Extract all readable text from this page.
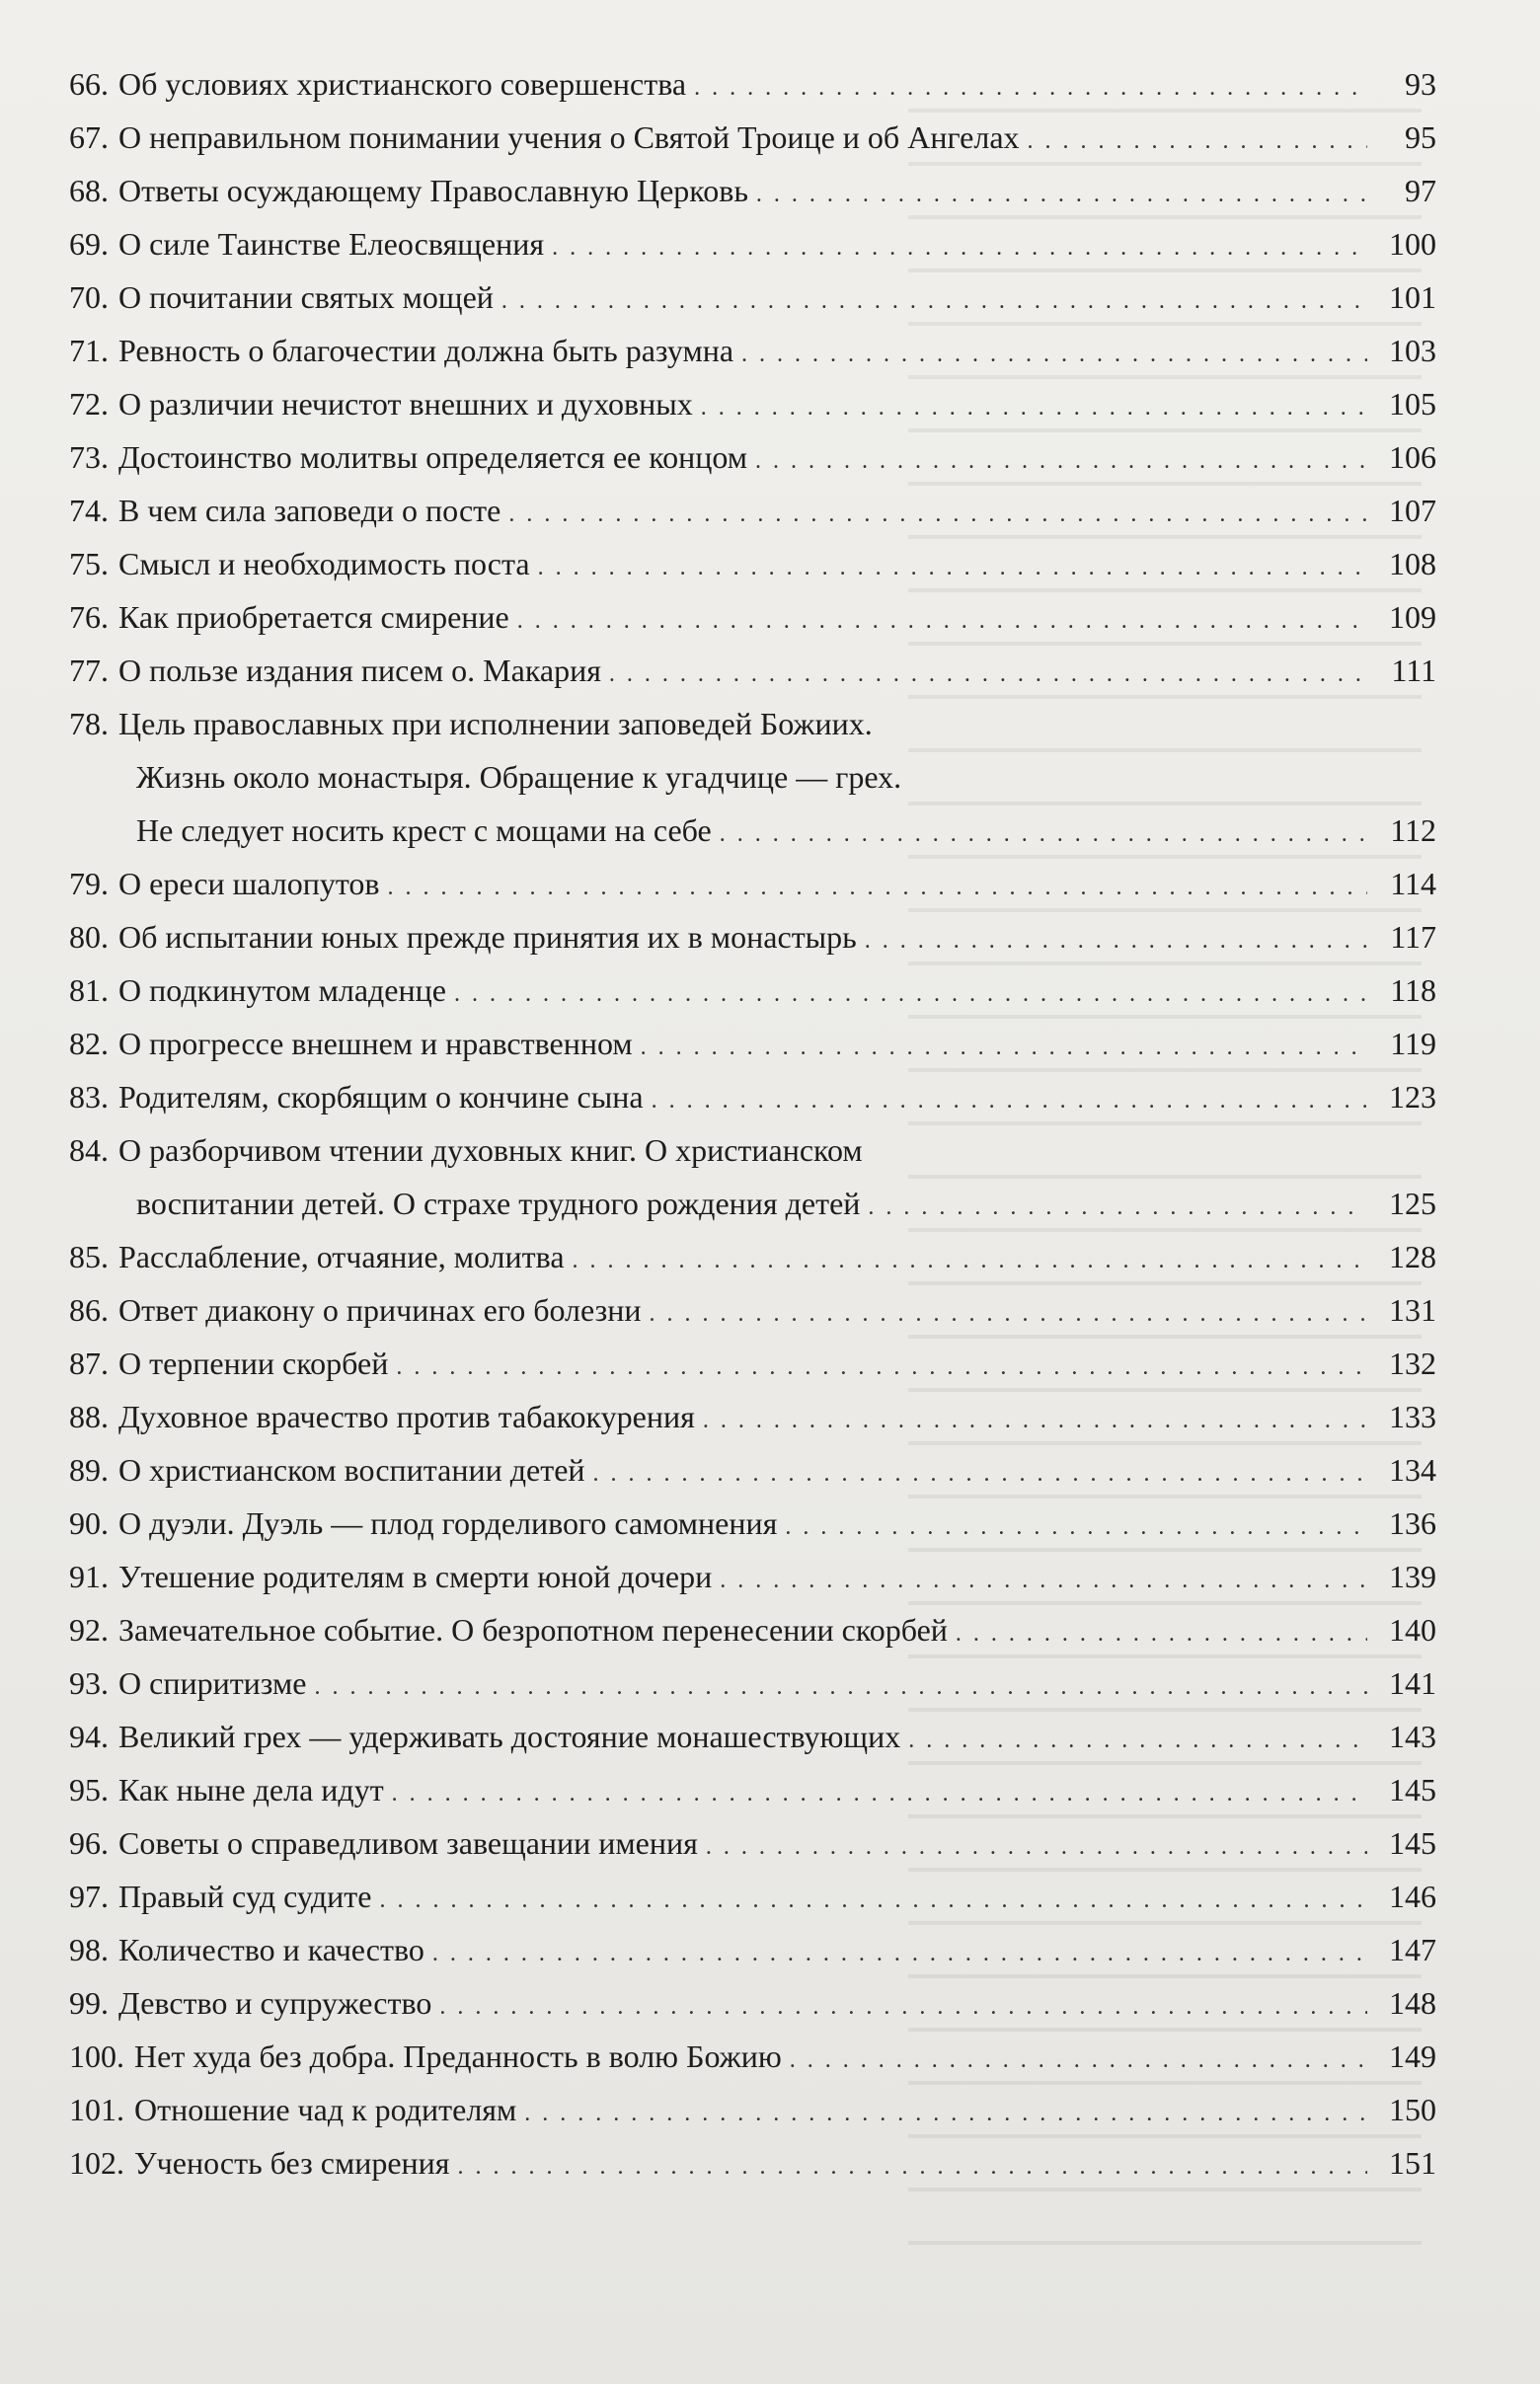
66. Об условиях христианского совершенства . . .	93
67. О неправильном понимании учения о Святой Троице и об Ангелах . . .	95
68. Ответы осуждающему Православную Церковь . . .	97
69. О силе Таинстве Елеосвящения . . .	100
70. О почитании святых мощей . . .	101
71. Ревность о благочестии должна быть разумна . . .	103
72. О различии нечистот внешних и духовных . . .	105
73. Достоинство молитвы определяется ее концом . . .	106
74. В чем сила заповеди о посте . . .	107
75. Смысл и необходимость поста . . .	108
76. Как приобретается смирение . . .	109
77. О пользе издания писем о. Макария . . .	111
78. Цель православных при исполнении заповедей Божиих.
Жизнь около монастыря. Обращение к угадчице — грех.
Не следует носить крест с мощами на себе . . .	112
79. О ереси шалопутов . . .	114
80. Об испытании юных прежде принятия их в монастырь . . .	117
81. О подкинутом младенце . . .	118
82. О прогрессе внешнем и нравственном . . .	119
83. Родителям, скорбящим о кончине сына . . .	123
84. О разборчивом чтении духовных книг. О христианском
воспитании детей. О страхе трудного рождения детей . . .	125
85. Расслабление, отчаяние, молитва . . .	128
86. Ответ диакону о причинах его болезни . . .	131
87. О терпении скорбей . . .	132
88. Духовное врачество против табакокурения . . .	133
89. О христианском воспитании детей . . .	134
90. О дуэли. Дуэль — плод горделивого самомнения . . .	136
91. Утешение родителям в смерти юной дочери . . .	139
92. Замечательное событие. О безропотном перенесении скорбей . . .	140
93. О спиритизме . . .	141
94. Великий грех — удерживать достояние монашествующих . . .	143
95. Как ныне дела идут . . .	145
96. Советы о справедливом завещании имения . . .	145
97. Правый суд судите . . .	146
98. Количество и качество . . .	147
99. Девство и супружество . . .	148
100. Нет худа без добра. Преданность в волю Божию . . .	149
101. Отношение чад к родителям . . .	150
102. Ученость без смирения . . .	151
